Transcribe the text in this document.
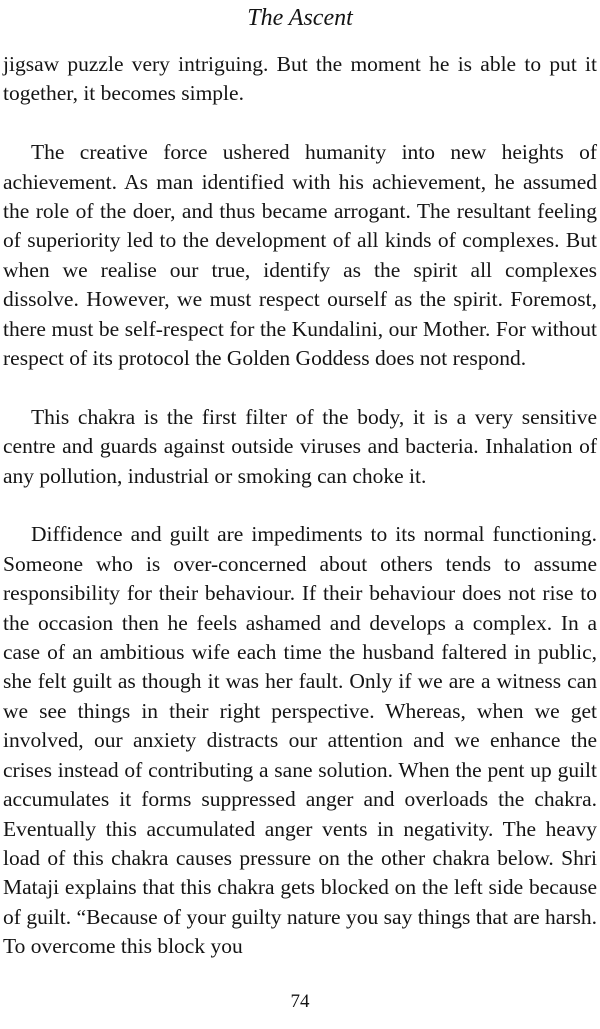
The Ascent

jigsaw puzzle very intriguing. But the moment he is able to put it together, it becomes simple.

The creative force ushered humanity into new heights of achievement. As man identified with his achievement, he assumed the role of the doer, and thus became arrogant. The resultant feeling of superiority led to the development of all kinds of complexes. But when we realise our true, identify as the spirit all complexes dissolve. However, we must respect ourself as the spirit. Foremost, there must be self-respect for the Kundalini, our Mother. For without respect of its protocol the Golden Goddess does not respond.

This chakra is the first filter of the body, it is a very sensitive centre and guards against outside viruses and bacteria. Inhalation of any pollution, industrial or smoking can choke it.

Diffidence and guilt are impediments to its normal functioning. Someone who is over-concerned about others tends to assume responsibility for their behaviour. If their behaviour does not rise to the occasion then he feels ashamed and develops a complex. In a case of an ambitious wife each time the husband faltered in public, she felt guilt as though it was her fault. Only if we are a witness can we see things in their right perspective. Whereas, when we get involved, our anxiety distracts our attention and we enhance the crises instead of contributing a sane solution. When the pent up guilt accumulates it forms suppressed anger and overloads the chakra. Eventually this accumulated anger vents in negativity. The heavy load of this chakra causes pressure on the other chakra below. Shri Mataji explains that this chakra gets blocked on the left side because of guilt. “Because of your guilty nature you say things that are harsh. To overcome this block you

74
